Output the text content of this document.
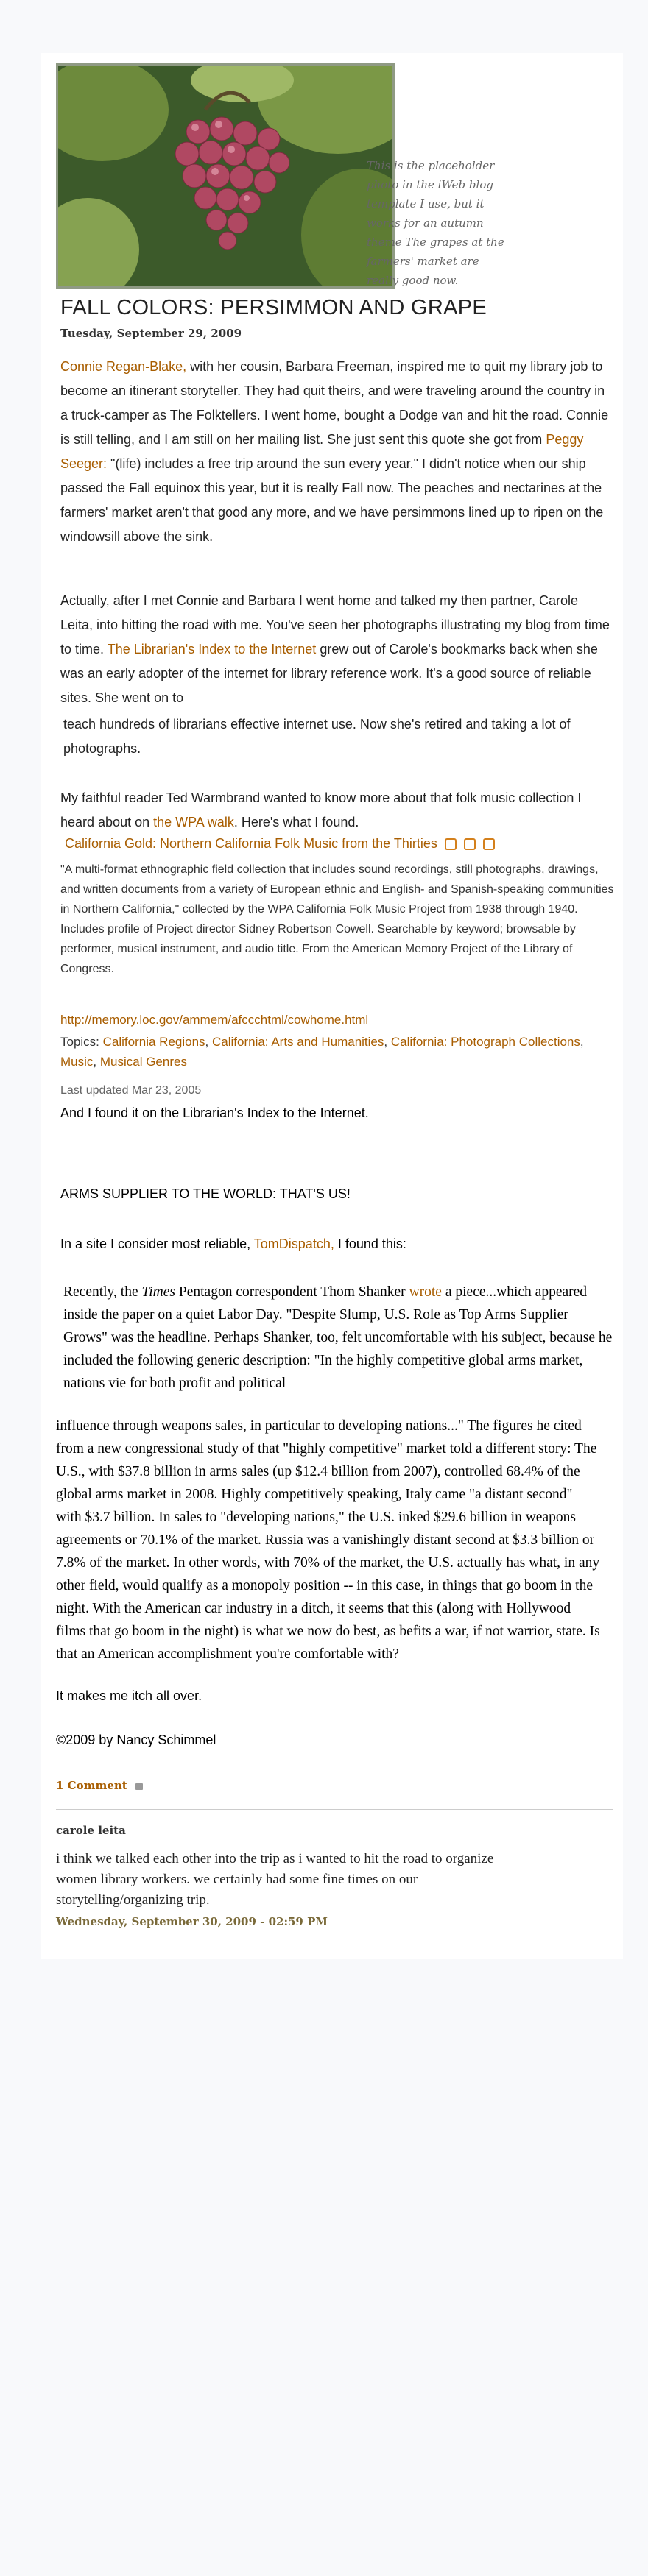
This is the placeholder photo in the iWeb blog template I use, but it works for an autumn theme The grapes at the farmers' market are really good now.
FALL COLORS: PERSIMMON AND GRAPE
Tuesday, September 29, 2009
Connie Regan-Blake, with her cousin, Barbara Freeman, inspired me to quit my library job to become an itinerant storyteller. They had quit theirs, and were traveling around the country in a truck-camper as The Folktellers. I went home, bought a Dodge van and hit the road. Connie is still telling, and I am still on her mailing list. She just sent this quote she got from Peggy Seeger: "(life) includes a free trip around the sun every year." I didn't notice when our ship passed the Fall equinox this year, but it is really Fall now. The peaches and nectarines at the farmers' market aren't that good any more, and we have persimmons lined up to ripen on the windowsill above the sink.
Actually, after I met Connie and Barbara I went home and talked my then partner, Carole Leita, into hitting the road with me. You've seen her photographs illustrating my blog from time to time. The Librarian's Index to the Internet grew out of Carole's bookmarks back when she was an early adopter of the internet for library reference work. It's a good source of reliable sites. She went on to
teach hundreds of librarians effective internet use. Now she's retired and taking a lot of photographs.
My faithful reader Ted Warmbrand wanted to know more about that folk music collection I heard about on the WPA walk. Here's what I found.
California Gold: Northern California Folk Music from the Thirties
"A multi-format ethnographic field collection that includes sound recordings, still photographs, drawings, and written documents from a variety of European ethnic and English- and Spanish-speaking communities in Northern California," collected by the WPA California Folk Music Project from 1938 through 1940. Includes profile of Project director Sidney Robertson Cowell. Searchable by keyword; browsable by performer, musical instrument, and audio title. From the American Memory Project of the Library of Congress.
http://memory.loc.gov/ammem/afccchtml/cowhome.html
Topics: California Regions, California: Arts and Humanities, California: Photograph Collections, Music, Musical Genres
Last updated Mar 23, 2005
And I found it on the Librarian's Index to the Internet.
ARMS SUPPLIER TO THE WORLD: THAT'S US!
In a site I consider most reliable, TomDispatch, I found this:
Recently, the Times Pentagon correspondent Thom Shanker wrote a piece...which appeared inside the paper on a quiet Labor Day. "Despite Slump, U.S. Role as Top Arms Supplier Grows" was the headline. Perhaps Shanker, too, felt uncomfortable with his subject, because he included the following generic description: "In the highly competitive global arms market, nations vie for both profit and political
influence through weapons sales, in particular to developing nations..." The figures he cited from a new congressional study of that "highly competitive" market told a different story: The U.S., with $37.8 billion in arms sales (up $12.4 billion from 2007), controlled 68.4% of the global arms market in 2008. Highly competitively speaking, Italy came "a distant second" with $3.7 billion. In sales to "developing nations," the U.S. inked $29.6 billion in weapons agreements or 70.1% of the market. Russia was a vanishingly distant second at $3.3 billion or 7.8% of the market. In other words, with 70% of the market, the U.S. actually has what, in any other field, would qualify as a monopoly position -- in this case, in things that go boom in the night. With the American car industry in a ditch, it seems that this (along with Hollywood films that go boom in the night) is what we now do best, as befits a war, if not warrior, state. Is that an American accomplishment you're comfortable with?
It makes me itch all over.
©2009 by Nancy Schimmel
1 Comment
carole leita
i think we talked each other into the trip as i wanted to hit the road to organize women library workers. we certainly had some fine times on our storytelling/organizing trip.
Wednesday, September 30, 2009 - 02:59 PM
